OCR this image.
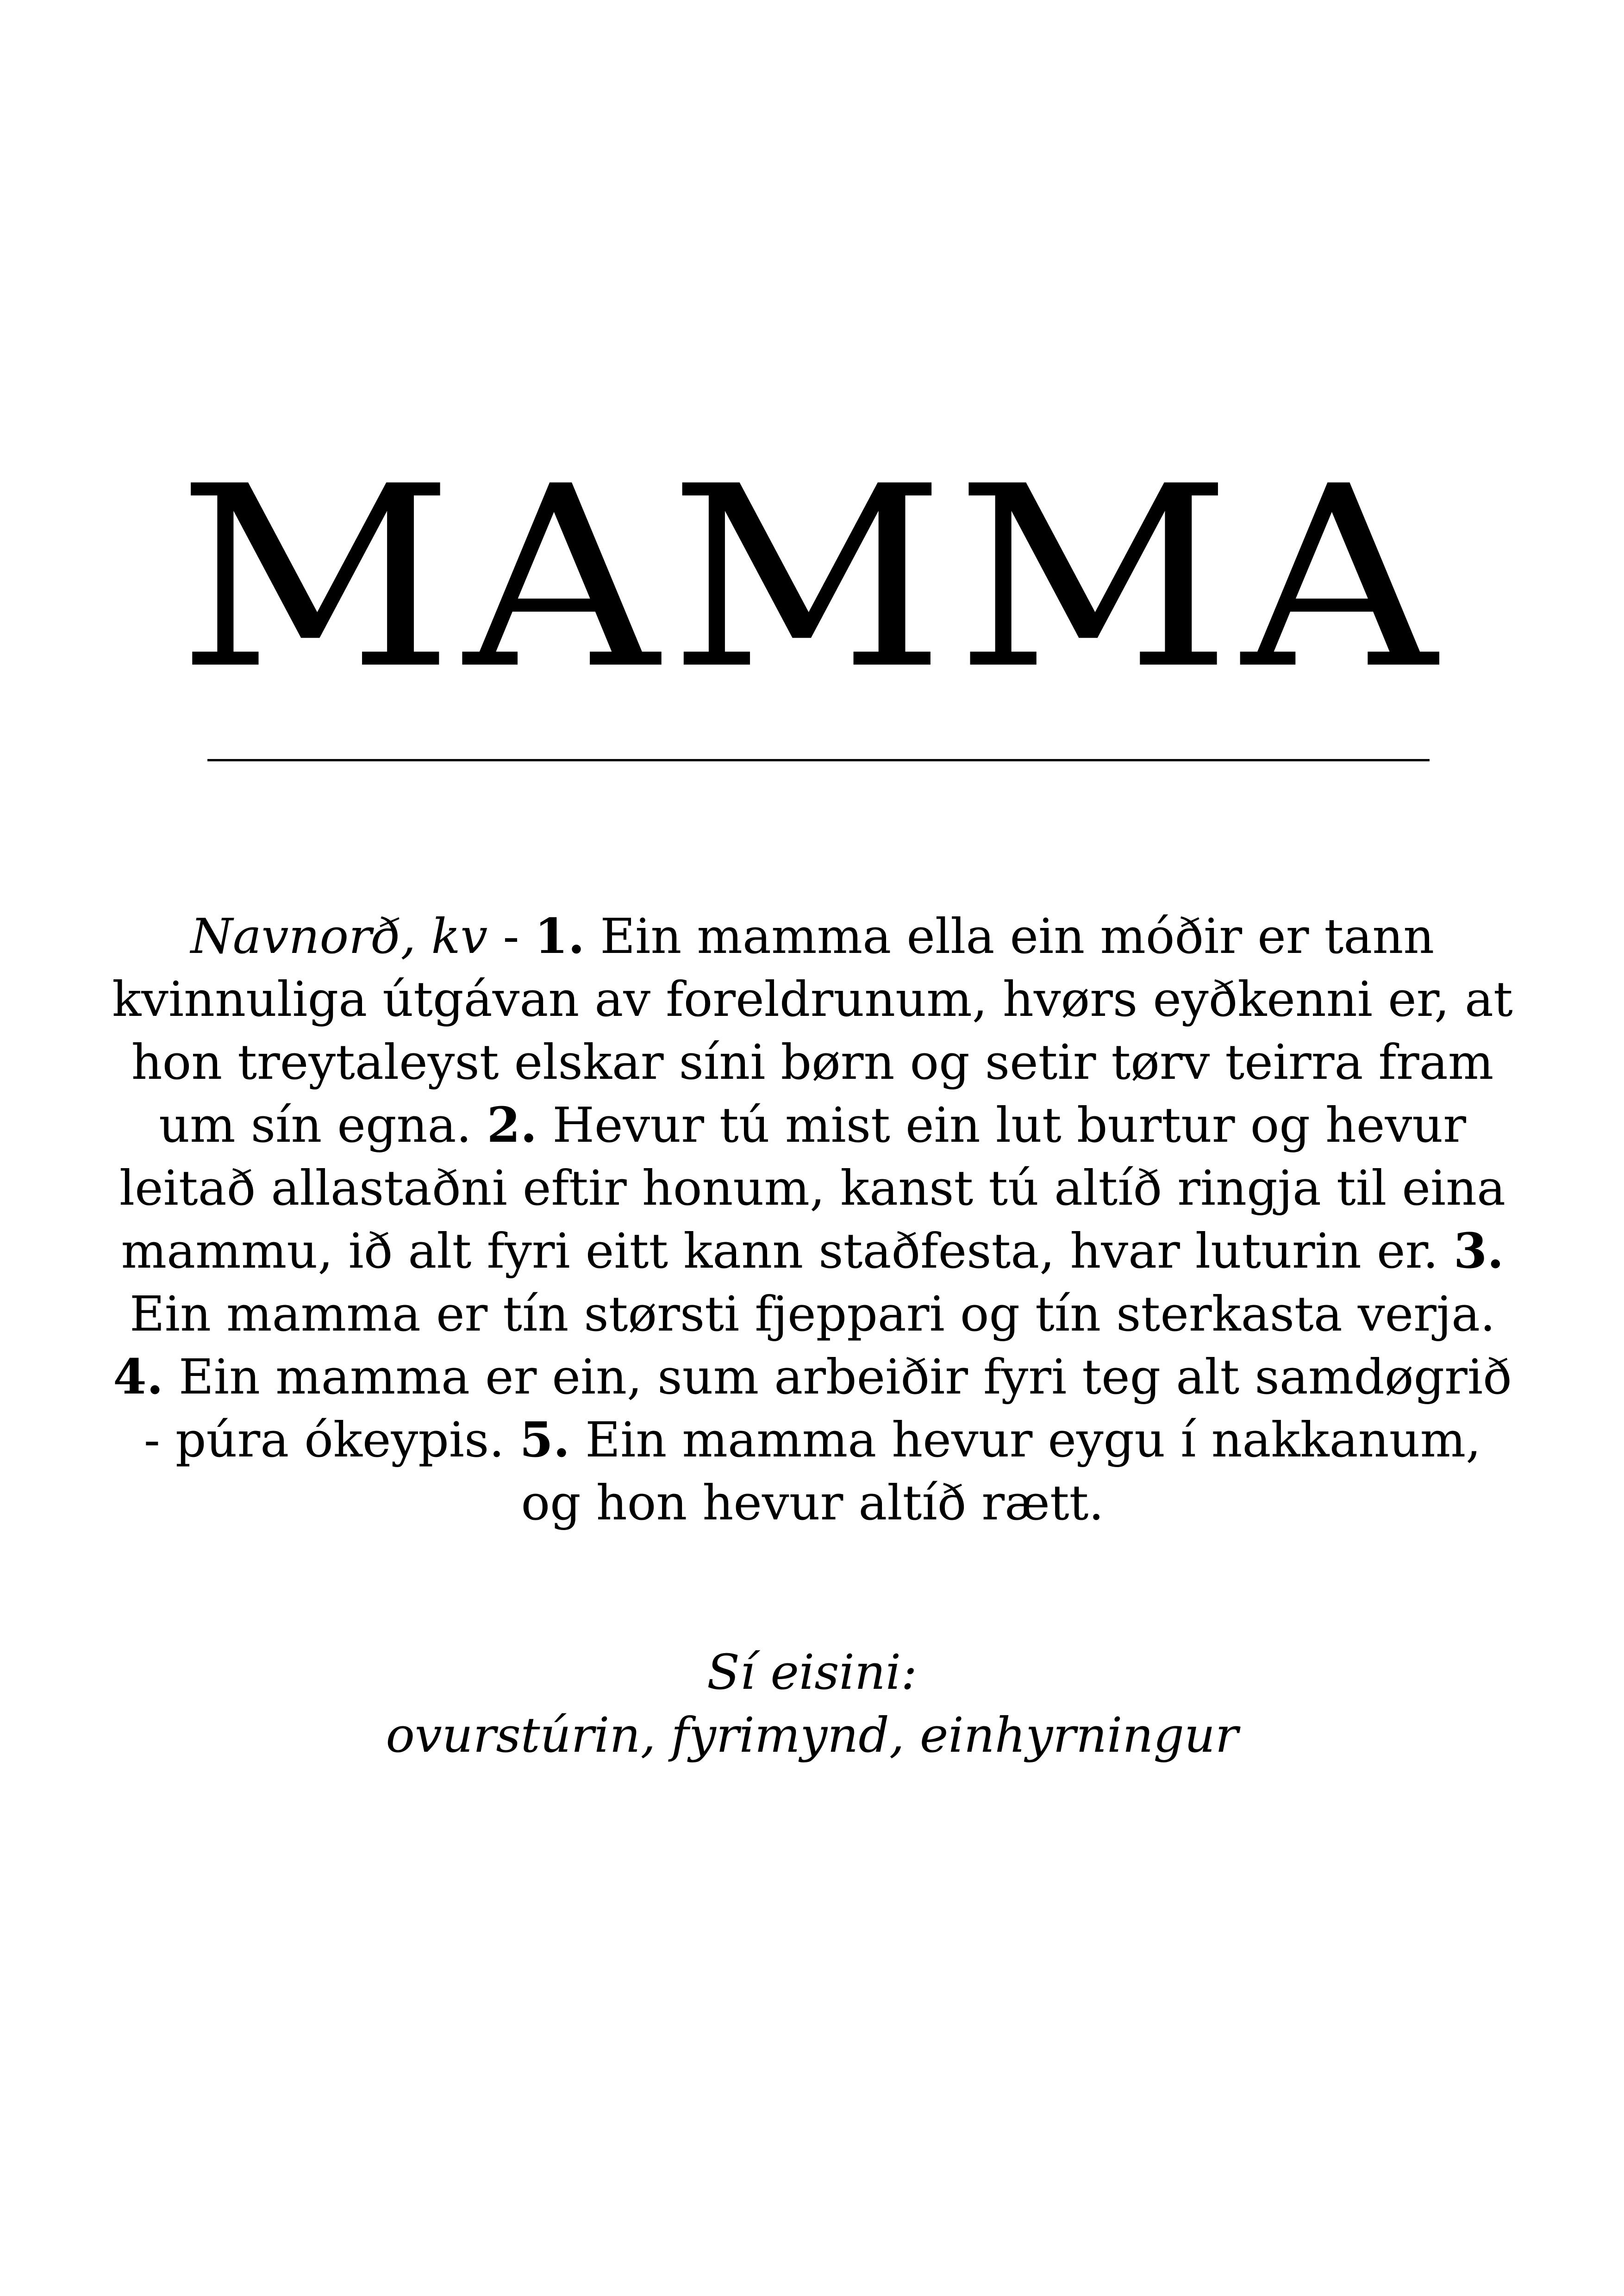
MAMMA
Navnorð, kv - 1. Ein mamma ella ein móðir er tann kvinnuliga útgávan av foreldrunum, hvørs eyðkenni er, at hon treytaleyst elskar síni børn og setir tørv teirra fram um sín egna. 2. Hevur tú mist ein lut burtur og hevur leitað allastaðni eftir honum, kanst tú altíð ringja til eina mammu, ið alt fyri eitt kann staðfesta, hvar luturin er. 3. Ein mamma er tín størsti fjeppari og tín sterkasta verja. 4. Ein mamma er ein, sum arbeiðir fyri teg alt samdøgrið - púra ókeypis. 5. Ein mamma hevur eygu í nakkanum, og hon hevur altíð rætt.
Sí eisini:
ovurstúrin, fyrimynd, einhyrningur
